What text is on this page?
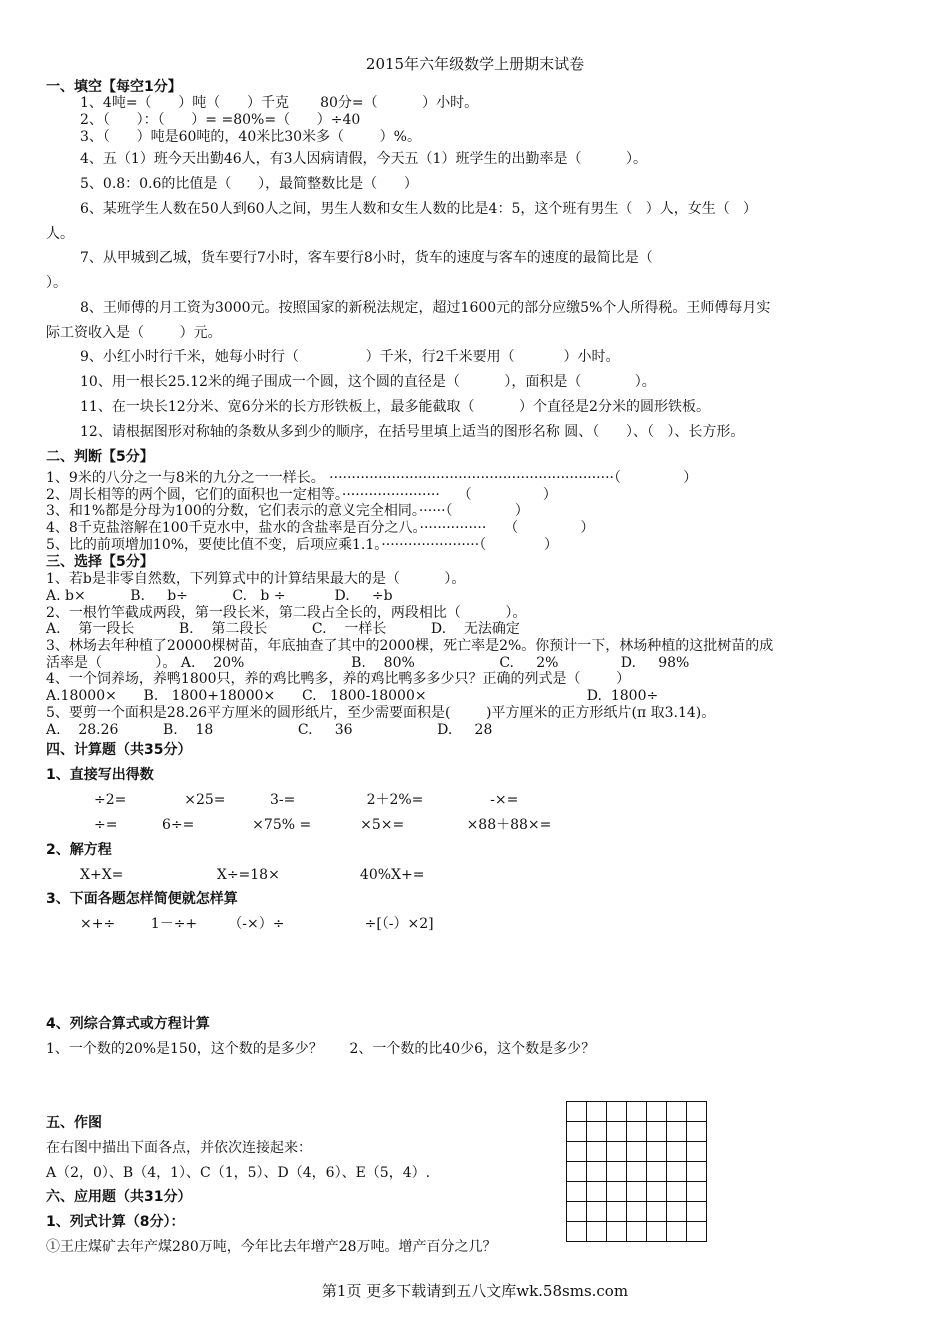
2015年六年级数学上册期末试卷
一、填空【每空1分】
1、4吨=（      ）吨（      ）千克       80分=（          ）小时。
2、（      ）：（      ）= =80%=（      ）÷40
3、（      ）吨是60吨的，40米比30米多（        ）%。
4、五（1）班今天出勤46人，有3人因病请假，今天五（1）班学生的出勤率是（          ）。
5、0.8：0.6的比值是（      ），最简整数比是（      ）
6、某班学生人数在50人到60人之间，男生人数和女生人数的比是4：5，这个班有男生（   ）人，女生（   ）
人。
7、从甲城到乙城，货车要行7小时，客车要行8小时，货车的速度与客车的速度的最简比是（
）。
8、王师傅的月工资为3000元。按照国家的新税法规定，超过1600元的部分应缴5%个人所得税。王师傅每月实
际工资收入是（        ）元。
9、小红小时行千米，她每小时行（               ）千米，行2千米要用（           ）小时。
10、用一根长25.12米的绳子围成一个圆，这个圆的直径是（          ），面积是（            ）。
11、在一块长12分米、宽6分米的长方形铁板上，最多能截取（          ）个直径是2分米的圆形铁板。
12、请根据图形对称轴的条数从多到少的顺序，在括号里填上适当的图形名称 圆、（      ）、（   ）、长方形。
二、判断【5分】
1、9米的八分之一与8米的九分之一一样长。 ································································（              ）
2、周长相等的两个圆，它们的面积也一定相等。······················    （                ）
3、和1%都是分母为100的分数，它们表示的意义完全相同。······（              ）
4、8千克盐溶解在100千克水中，盐水的含盐率是百分之八。···············    （              ）
5、比的前项增加10%，要使比值不变，后项应乘1.1。······················（             ）
三、选择【5分】
1、若b是非零自然数，下列算式中的计算结果最大的是（          ）。
A. b×          B.     b÷          C.   b ÷           D.     ÷b
2、一根竹竿截成两段，第一段长米，第二段占全长的，两段相比（          ）。
A.    第一段长          B.    第二段长          C.    一样长          D.    无法确定
3、林场去年种植了20000棵树苗，年底抽查了其中的2000棵，死亡率是2%。你预计一下，林场种植的这批树苗的成
活率是（            ）。 A.    20%                        B.    80%                   C.     2%              D.     98%
4、一个饲养场，养鸭1800只，养的鸡比鸭多，养的鸡比鸭多多少只？正确的列式是（        ）
A.18000×      B.   1800+18000×      C.   1800-18000×                                    D.  1800÷
5、要剪一个面积是28.26平方厘米的圆形纸片，至少需要面积是(        )平方厘米的正方形纸片(π 取3.14)。
A.    28.26          B.    18                   C.     36                   D.     28
四、计算题（共35分）
1、直接写出得数
÷2=             ×25=          3-=                2＋2%=               -×=
÷=          6÷=             ×75% =           ×5×=              ×88＋88×=
2、解方程
X+X=                     X÷=18×                  40%X+=
3、下面各题怎样简便就怎样算
×+÷        1－÷+       （-×）÷                  ÷[（-）×2]
4、列综合算式或方程计算
1、一个数的20%是150，这个数的是多少？      2、一个数的比40少6，这个数是多少？
五、作图
在右图中描出下面各点，并依次连接起来：
A（2，0）、B（4，1）、C（1，5）、D（4，6）、E（5，4）.

六、应用题（共31分）
1、列式计算（8分）：
①王庄煤矿去年产煤280万吨，今年比去年增产28万吨。增产百分之几？
第1页 更多下载请到五八文库wk.58sms.com
